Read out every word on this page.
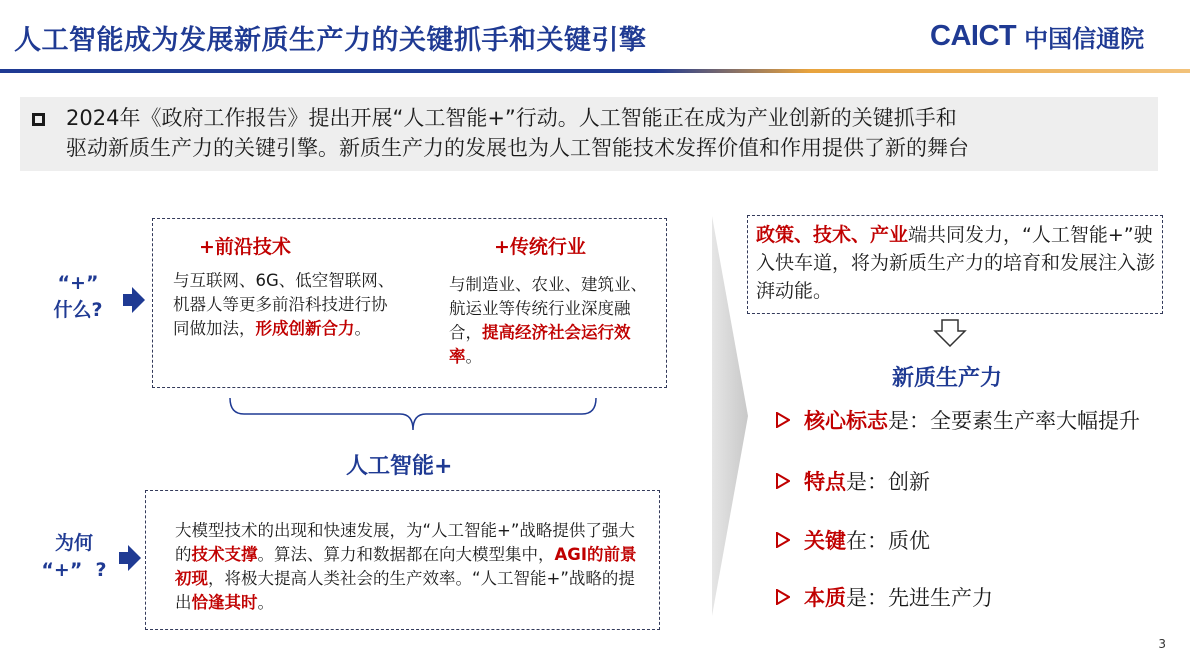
人工智能成为发展新质生产力的关键抓手和关键引擎	CAICT 中国信通院
2024年《政府工作报告》提出开展“人工智能+”行动。人工智能正在成为产业创新的关键抓手和
驱动新质生产力的关键引擎。新质生产力的发展也为人工智能技术发挥价值和作用提供了新的舞台
“+”
什么?
+前沿技术
与互联网、6G、低空智联网、机器人等更多前沿科技进行协同做加法，形成创新合力。
+传统行业
与制造业、农业、建筑业、航运业等传统行业深度融合，提高经济社会运行效率。
人工智能+
为何
“+”  ?
大模型技术的出现和快速发展，为“人工智能+”战略提供了强大的技术支撑。算法、算力和数据都在向大模型集中，AGI的前景初现，将极大提高人类社会的生产效率。“人工智能+”战略的提出恰逢其时。
政策、技术、产业端共同发力，“人工智能+”驶入快车道，将为新质生产力的培育和发展注入澎湃动能。
新质生产力
核心标志 是：全要素生产率大幅提升
特点 是：创新
关键 在：质优
本质 是：先进生产力
3
